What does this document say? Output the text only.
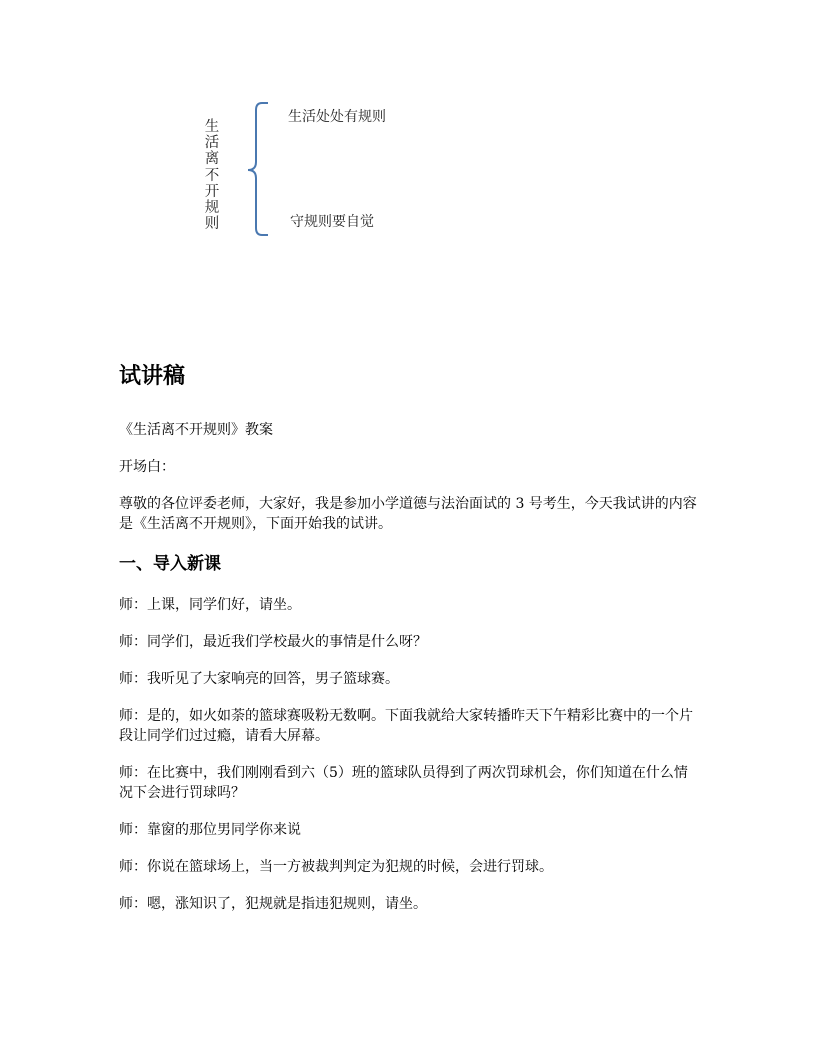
生活离不开规则
生活处处有规则
守规则要自觉
试讲稿

《生活离不开规则》教案

开场白：

尊敬的各位评委老师，大家好，我是参加小学道德与法治面试的 3 号考生，今天我试讲的内容是《生活离不开规则》，下面开始我的试讲。

一、导入新课

师：上课，同学们好，请坐。

师：同学们，最近我们学校最火的事情是什么呀？

师：我听见了大家响亮的回答，男子篮球赛。

师：是的，如火如荼的篮球赛吸粉无数啊。下面我就给大家转播昨天下午精彩比赛中的一个片段让同学们过过瘾，请看大屏幕。

师：在比赛中，我们刚刚看到六（5）班的篮球队员得到了两次罚球机会，你们知道在什么情况下会进行罚球吗？

师：靠窗的那位男同学你来说

师：你说在篮球场上，当一方被裁判判定为犯规的时候，会进行罚球。

师：嗯，涨知识了，犯规就是指违犯规则，请坐。
